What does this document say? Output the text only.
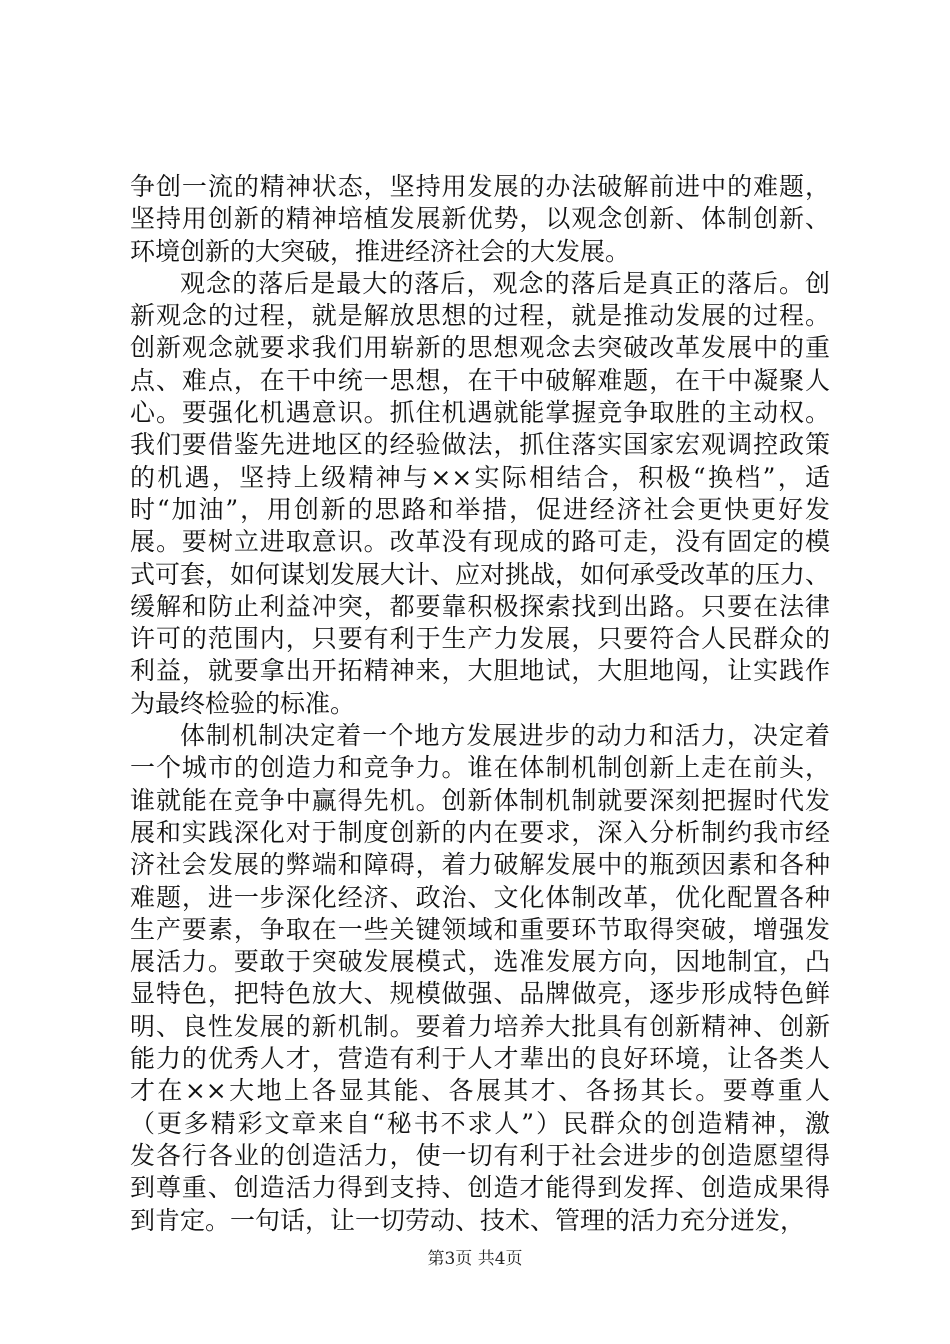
争创一流的精神状态，坚持用发展的办法破解前进中的难题，
坚持用创新的精神培植发展新优势，以观念创新、体制创新、
环境创新的大突破，推进经济社会的大发展。
观念的落后是最大的落后，观念的落后是真正的落后。创
新观念的过程，就是解放思想的过程，就是推动发展的过程。
创新观念就要求我们用崭新的思想观念去突破改革发展中的重
点、难点，在干中统一思想，在干中破解难题，在干中凝聚人
心。要强化机遇意识。抓住机遇就能掌握竞争取胜的主动权。
我们要借鉴先进地区的经验做法，抓住落实国家宏观调控政策
的机遇，坚持上级精神与××实际相结合，积极“换档”，适
时“加油”，用创新的思路和举措，促进经济社会更快更好发
展。要树立进取意识。改革没有现成的路可走，没有固定的模
式可套，如何谋划发展大计、应对挑战，如何承受改革的压力、
缓解和防止利益冲突，都要靠积极探索找到出路。只要在法律
许可的范围内，只要有利于生产力发展，只要符合人民群众的
利益，就要拿出开拓精神来，大胆地试，大胆地闯，让实践作
为最终检验的标准。
体制机制决定着一个地方发展进步的动力和活力，决定着
一个城市的创造力和竞争力。谁在体制机制创新上走在前头，
谁就能在竞争中赢得先机。创新体制机制就要深刻把握时代发
展和实践深化对于制度创新的内在要求，深入分析制约我市经
济社会发展的弊端和障碍，着力破解发展中的瓶颈因素和各种
难题，进一步深化经济、政治、文化体制改革，优化配置各种
生产要素，争取在一些关键领域和重要环节取得突破，增强发
展活力。要敢于突破发展模式，选准发展方向，因地制宜，凸
显特色，把特色放大、规模做强、品牌做亮，逐步形成特色鲜
明、良性发展的新机制。要着力培养大批具有创新精神、创新
能力的优秀人才，营造有利于人才辈出的良好环境，让各类人
才在××大地上各显其能、各展其才、各扬其长。要尊重人
（更多精彩文章来自“秘书不求人”）民群众的创造精神，激
发各行各业的创造活力，使一切有利于社会进步的创造愿望得
到尊重、创造活力得到支持、创造才能得到发挥、创造成果得
到肯定。一句话，让一切劳动、技术、管理的活力充分迸发，
第3页 共4页
